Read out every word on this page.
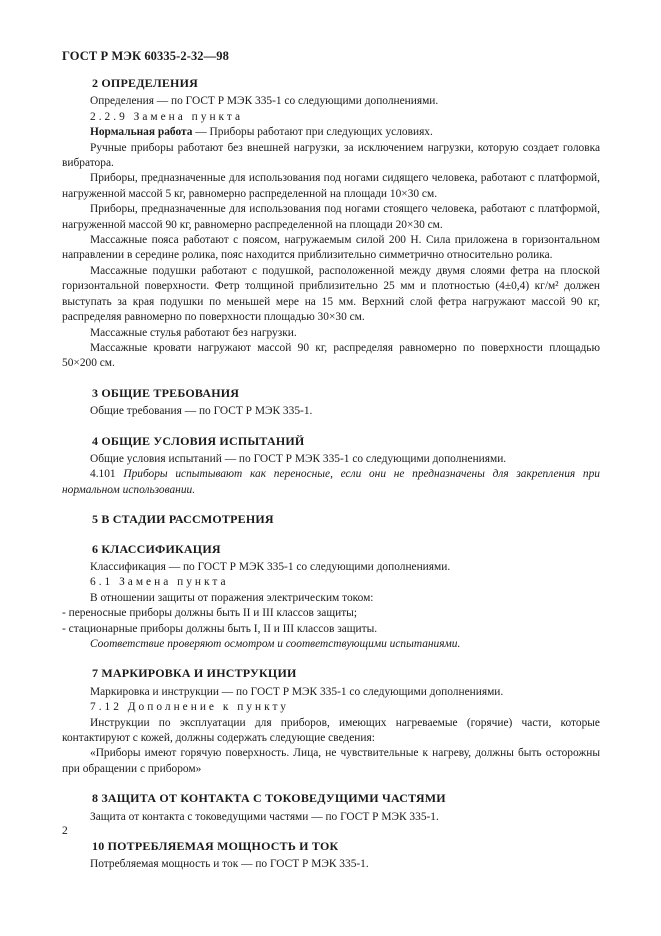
ГОСТ Р МЭК 60335-2-32—98
2 ОПРЕДЕЛЕНИЯ

Определения — по ГОСТ Р МЭК 335-1 со следующими дополнениями.

2.2.9 Замена пункта

Нормальная работа — Приборы работают при следующих условиях.

Ручные приборы работают без внешней нагрузки, за исключением нагрузки, которую создает головка вибратора.

Приборы, предназначенные для использования под ногами сидящего человека, работают с платформой, нагруженной массой 5 кг, равномерно распределенной на площади 10×30 см.

Приборы, предназначенные для использования под ногами стоящего человека, работают с платформой, нагруженной массой 90 кг, равномерно распределенной на площади 20×30 см.

Массажные пояса работают с поясом, нагружаемым силой 200 Н. Сила приложена в горизонтальном направлении в середине ролика, пояс находится приблизительно симметрично относительно ролика.

Массажные подушки работают с подушкой, расположенной между двумя слоями фетра на плоской горизонтальной поверхности. Фетр толщиной приблизительно 25 мм и плотностью (4±0,4) кг/м² должен выступать за края подушки по меньшей мере на 15 мм. Верхний слой фетра нагружают массой 90 кг, распределяя равномерно по поверхности площадью 30×30 см.

Массажные стулья работают без нагрузки.

Массажные кровати нагружают массой 90 кг, распределяя равномерно по поверхности площадью 50×200 см.

3 ОБЩИЕ ТРЕБОВАНИЯ

Общие требования — по ГОСТ Р МЭК 335-1.

4 ОБЩИЕ УСЛОВИЯ ИСПЫТАНИЙ

Общие условия испытаний — по ГОСТ Р МЭК 335-1 со следующими дополнениями.

4.101 Приборы испытывают как переносные, если они не предназначены для закрепления при нормальном использовании.

5 В СТАДИИ РАССМОТРЕНИЯ
6 КЛАССИФИКАЦИЯ

Классификация — по ГОСТ Р МЭК 335-1 со следующими дополнениями.

6.1 Замена пункта

В отношении защиты от поражения электрическим током:

- переносные приборы должны быть II и III классов защиты;

- стационарные приборы должны быть I, II и III классов защиты.

Соответствие проверяют осмотром и соответствующими испытаниями.

7 МАРКИРОВКА И ИНСТРУКЦИИ

Маркировка и инструкции — по ГОСТ Р МЭК 335-1 со следующими дополнениями.

7.12 Дополнение к пункту

Инструкции по эксплуатации для приборов, имеющих нагреваемые (горячие) части, которые контактируют с кожей, должны содержать следующие сведения:

«Приборы имеют горячую поверхность. Лица, не чувствительные к нагреву, должны быть осторожны при обращении с прибором»

8 ЗАЩИТА ОТ КОНТАКТА С ТОКОВЕДУЩИМИ ЧАСТЯМИ

Защита от контакта с токоведущими частями — по ГОСТ Р МЭК 335-1.

10 ПОТРЕБЛЯЕМАЯ МОЩНОСТЬ И ТОК

Потребляемая мощность и ток — по ГОСТ Р МЭК 335-1.

2
